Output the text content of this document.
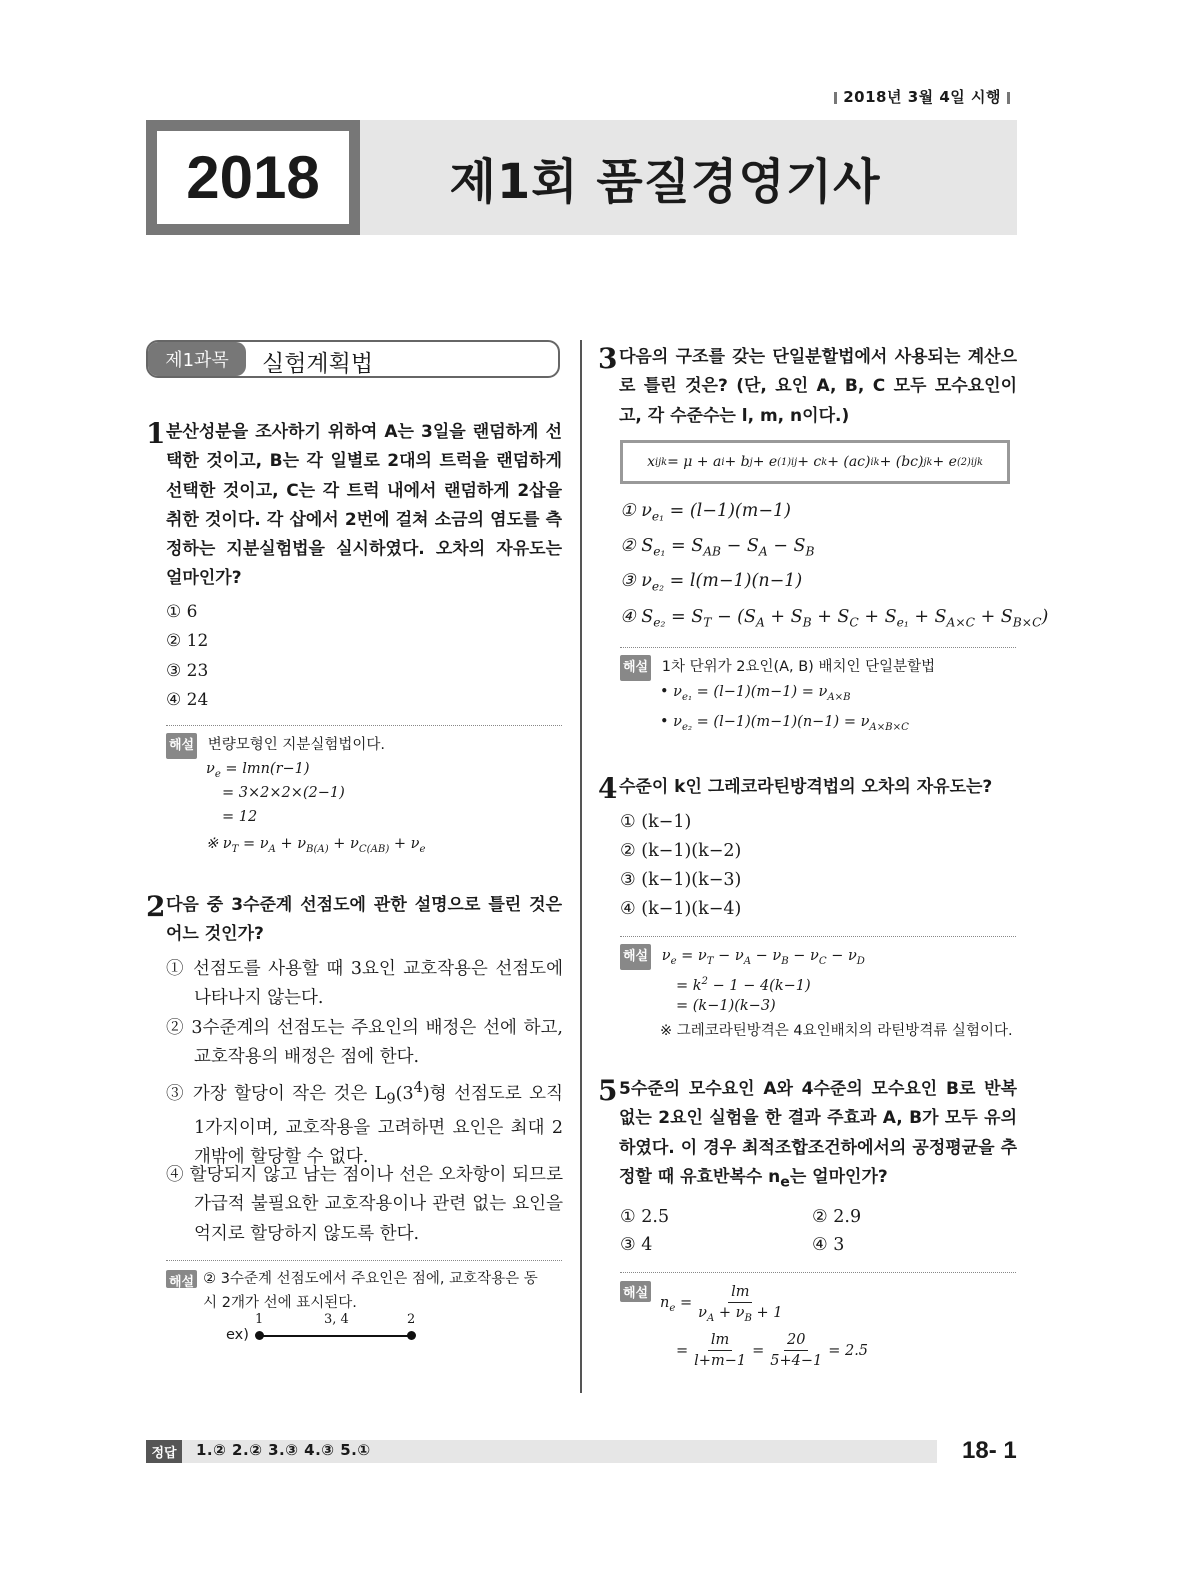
2018년 3월 4일 시행
2018	제1회 품질경영기사
제1과목	실험계획법
1 분산성분을 조사하기 위하여 A는 3일을 랜덤하게 선택한 것이고, B는 각 일별로 2대의 트럭을 랜덤하게 선택한 것이고, C는 각 트럭 내에서 랜덤하게 2삽을 취한 것이다. 각 삽에서 2번에 걸쳐 소금의 염도를 측정하는 지분실험법을 실시하였다. 오차의 자유도는 얼마인가?
① 6
② 12
③ 23
④ 24
해설 변량모형인 지분실험법이다.
$\nu_e = lmn(r-1)$
= 3×2×2×(2−1)
= 12
※ $\nu_T = \nu_A + \nu_{B(A)} + \nu_{C(AB)} + \nu_e$
2 다음 중 3수준계 선점도에 관한 설명으로 틀린 것은 어느 것인가?
① 선점도를 사용할 때 3요인 교호작용은 선점도에 나타나지 않는다.
② 3수준계의 선점도는 주요인의 배정은 선에 하고, 교호작용의 배정은 점에 한다.
③ 가장 할당이 작은 것은 $L_9(3^4)$형 선점도로 오직 1가지이며, 교호작용을 고려하면 요인은 최대 2개밖에 할당할 수 없다.
④ 할당되지 않고 남는 점이나 선은 오차항이 되므로 가급적 불필요한 교호작용이나 관련 없는 요인을 억지로 할당하지 않도록 한다.
해설 ② 3수준계 선점도에서 주요인은 점에, 교호작용은 동시 2개가 선에 표시된다.
ex)
1	3, 4	2
3 다음의 구조를 갖는 단일분할법에서 사용되는 계산으로 틀린 것은? (단, 요인 A, B, C 모두 모수요인이고, 각 수준수는 l, m, n이다.)
x ijk = μ + a i + b j + e (1)ij + c k + (ac) ik + (bc) jk + e (2)ijk
① $\nu_{e_1} = (l-1)(m-1)$
② $S_{e_1} = S_{AB} - S_A - S_B$
③ $\nu_{e_2} = l(m-1)(n-1)$
④ $S_{e_2} = S_T - (S_A + S_B + S_C + S_{e_1} + S_{A\times C} + S_{B\times C})$
해설 1차 단위가 2요인(A, B) 배치인 단일분할법
• $\nu_{e_1} = (l-1)(m-1) = \nu_{A\times B}$
• $\nu_{e_2} = (l-1)(m-1)(n-1) = \nu_{A\times B\times C}$
4 수준이 k인 그레코라틴방격법의 오차의 자유도는?
① (k−1)
② (k−1)(k−2)
③ (k−1)(k−3)
④ (k−1)(k−4)
해설 $\nu_e = \nu_T - \nu_A - \nu_B - \nu_C - \nu_D$
= $k^2 - 1 - 4(k-1)$
= (k−1)(k−3)
※ 그레코라틴방격은 4요인배치의 라틴방격류 실험이다.
5 5수준의 모수요인 A와 4수준의 모수요인 B로 반복 없는 2요인 실험을 한 결과 주효과 A, B가 모두 유의하였다. 이 경우 최적조합조건하에서의 공정평균을 추정할 때 유효반복수 $n_e$는 얼마인가?
① 2.5	② 2.9
③ 4	④ 3
해설
$n_e = \frac{lm}{\nu_A + \nu_B + 1}$
= $\frac{lm}{l+m-1} = \frac{20}{5+4-1} = 2.5$
정답	1.② 2.② 3.③ 4.③ 5.①	18- 1
